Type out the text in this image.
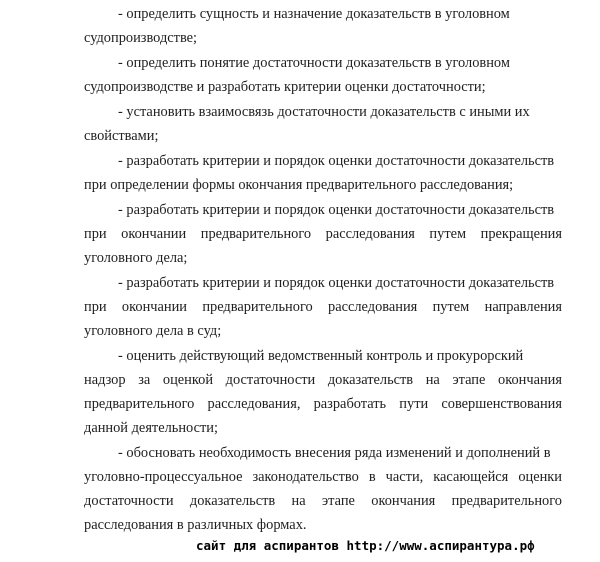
- определить сущность и назначение доказательств в уголовном
судопроизводстве;
- определить понятие достаточности доказательств в уголовном
судопроизводстве и разработать критерии оценки достаточности;
- установить взаимосвязь достаточности доказательств с иными их
свойствами;
- разработать критерии и порядок оценки достаточности доказательств
при определении формы окончания предварительного расследования;
- разработать критерии и порядок оценки достаточности доказательств
при окончании предварительного расследования путем прекращения
уголовного дела;
- разработать критерии и порядок оценки достаточности доказательств
при окончании предварительного расследования путем направления
уголовного дела в суд;
- оценить действующий ведомственный контроль и прокурорский
надзор за оценкой достаточности доказательств на этапе окончания
предварительного расследования, разработать пути совершенствования
данной деятельности;
- обосновать необходимость внесения ряда изменений и дополнений в
уголовно-процессуальное законодательство в части, касающейся оценки
достаточности доказательств на этапе окончания предварительного
расследования в различных формах.
сайт для аспирантов http://www.аспирантура.рф
